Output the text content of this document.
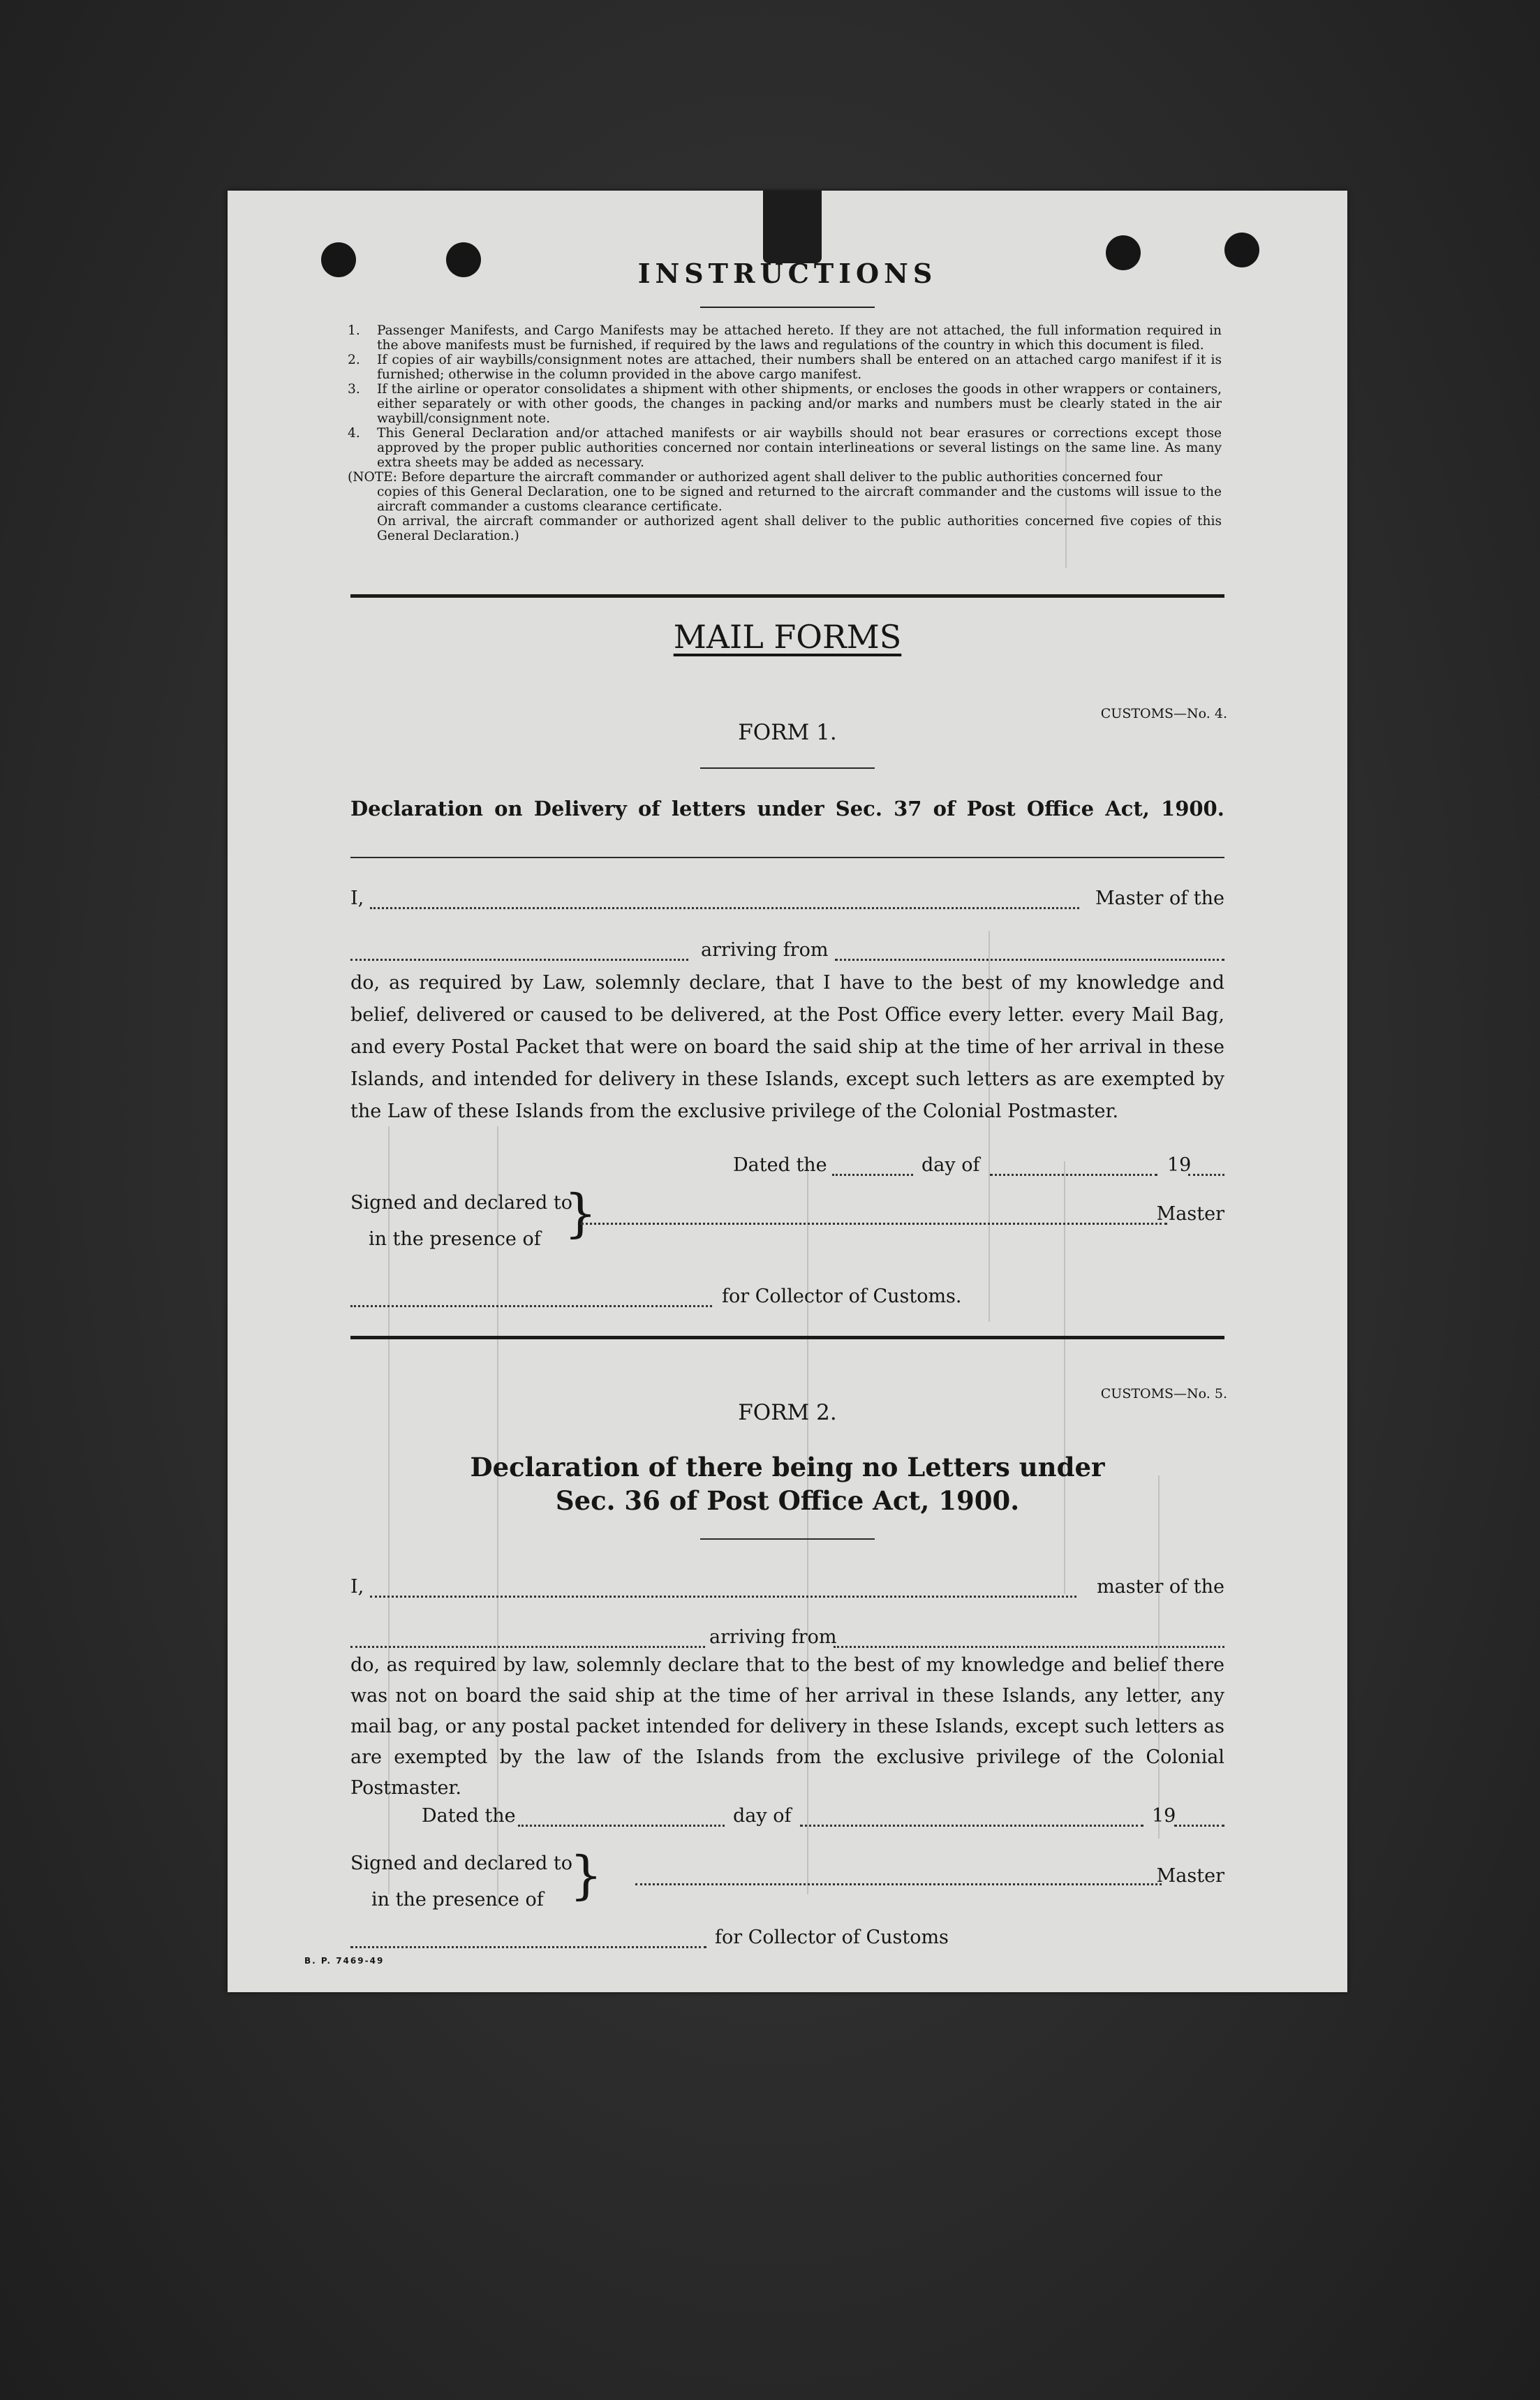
INSTRUCTIONS
1.	Passenger Manifests, and Cargo Manifests may be attached hereto. If they are not attached, the full information required in the above manifests must be furnished, if required by the laws and regulations of the country in which this document is filed.
2.	If copies of air waybills/consignment notes are attached, their numbers shall be entered on an attached cargo manifest if it is furnished; otherwise in the column provided in the above cargo manifest.
3.	If the airline or operator consolidates a shipment with other shipments, or encloses the goods in other wrappers or containers, either separately or with other goods, the changes in packing and/or marks and numbers must be clearly stated in the air waybill/consignment note.
4.	This General Declaration and/or attached manifests or air waybills should not bear erasures or corrections except those approved by the proper public authorities concerned nor contain interlineations or several listings on the same line. As many extra sheets may be added as necessary.
(NOTE: Before departure the aircraft commander or authorized agent shall deliver to the public authorities concerned four
copies of this General Declaration, one to be signed and returned to the aircraft commander and the customs will issue to the aircraft commander a customs clearance certificate.
On arrival, the aircraft commander or authorized agent shall deliver to the public authorities concerned five copies of this General Declaration.)
MAIL FORMS
CUSTOMS—No. 4.
FORM 1.
Declaration on Delivery of letters under Sec. 37 of Post Office Act, 1900.
I,	Master of the
arriving from
do, as required by Law, solemnly declare, that I have to the best of my knowledge and belief, delivered or caused to be delivered, at the Post Office every letter. every Mail Bag, and every Postal Packet that were on board the said ship at the time of her arrival in these Islands, and intended for delivery in these Islands, except such letters as are exempted by the Law of these Islands from the exclusive privilege of the Colonial Postmaster.
Dated the	day of	19
Signed and declared to
in the presence of }	Master
for Collector of Customs.
CUSTOMS—No. 5.
FORM 2.
Declaration of there being no Letters under
Sec. 36 of Post Office Act, 1900.
I,	master of the
arriving from
do, as required by law, solemnly declare that to the best of my knowledge and belief there was not on board the said ship at the time of her arrival in these Islands, any letter, any mail bag, or any postal packet intended for delivery in these Islands, except such letters as are exempted by the law of the Islands from the exclusive privilege of the Colonial Postmaster.
Dated the	day of	19
Signed and declared to
in the presence of }	Master
for Collector of Customs
B. P. 7469-49
